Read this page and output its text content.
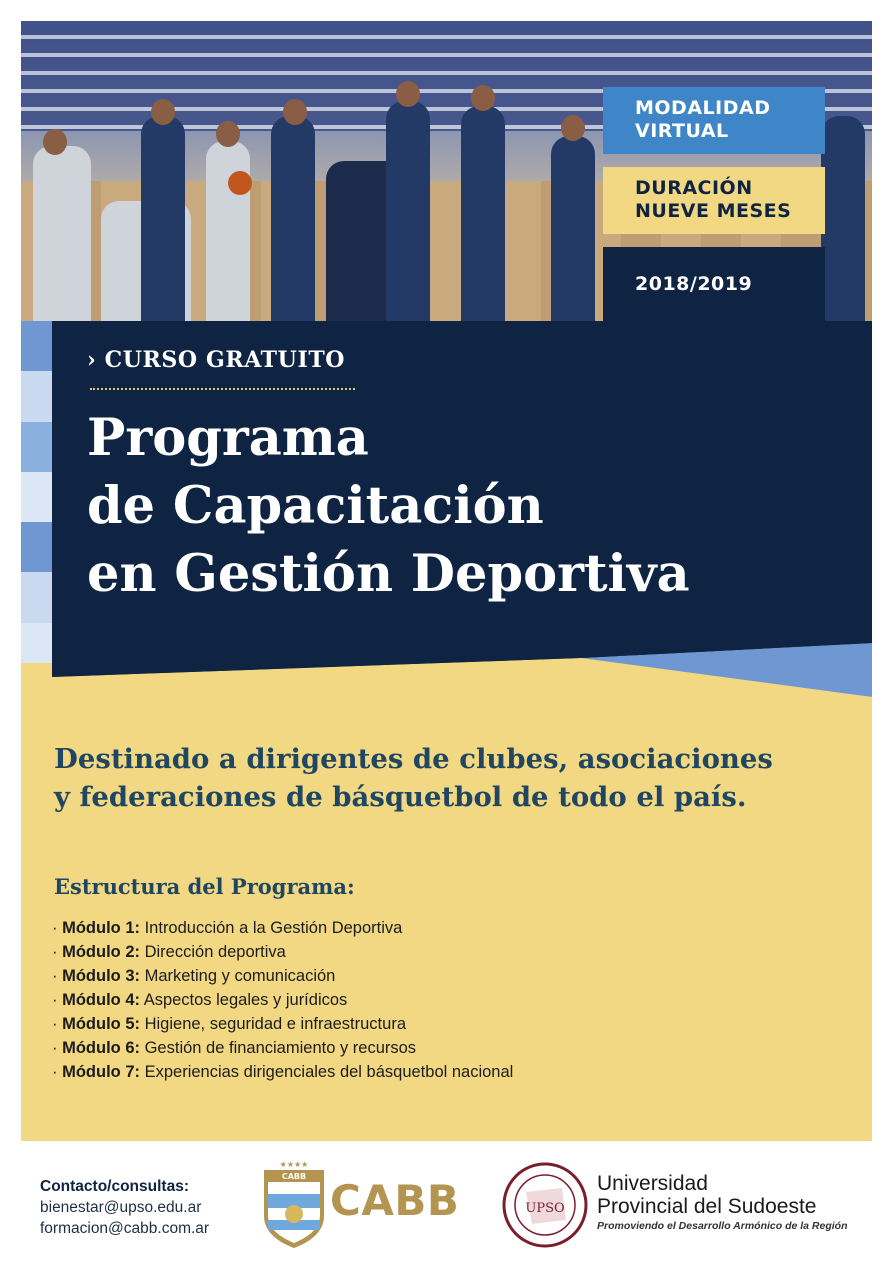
MODALIDAD
VIRTUAL
DURACIÓN
NUEVE MESES
2018/2019
› CURSO GRATUITO
Programa
de Capacitación
en Gestión Deportiva

Destinado a dirigentes de clubes, asociaciones
y federaciones de básquetbol de todo el país.

Estructura del Programa:
· Módulo 1: Introducción a la Gestión Deportiva
· Módulo 2: Dirección deportiva
· Módulo 3: Marketing y comunicación
· Módulo 4: Aspectos legales y jurídicos
· Módulo 5: Higiene, seguridad e infraestructura
· Módulo 6: Gestión de financiamiento y recursos
· Módulo 7: Experiencias dirigenciales del básquetbol nacional
Contacto/consultas:
bienestar@upso.edu.ar
formacion@cabb.com.ar
★★★★
CABB CABB	UPSO
Universidad
Provincial del Sudoeste
Promoviendo el Desarrollo Armónico de la Región
